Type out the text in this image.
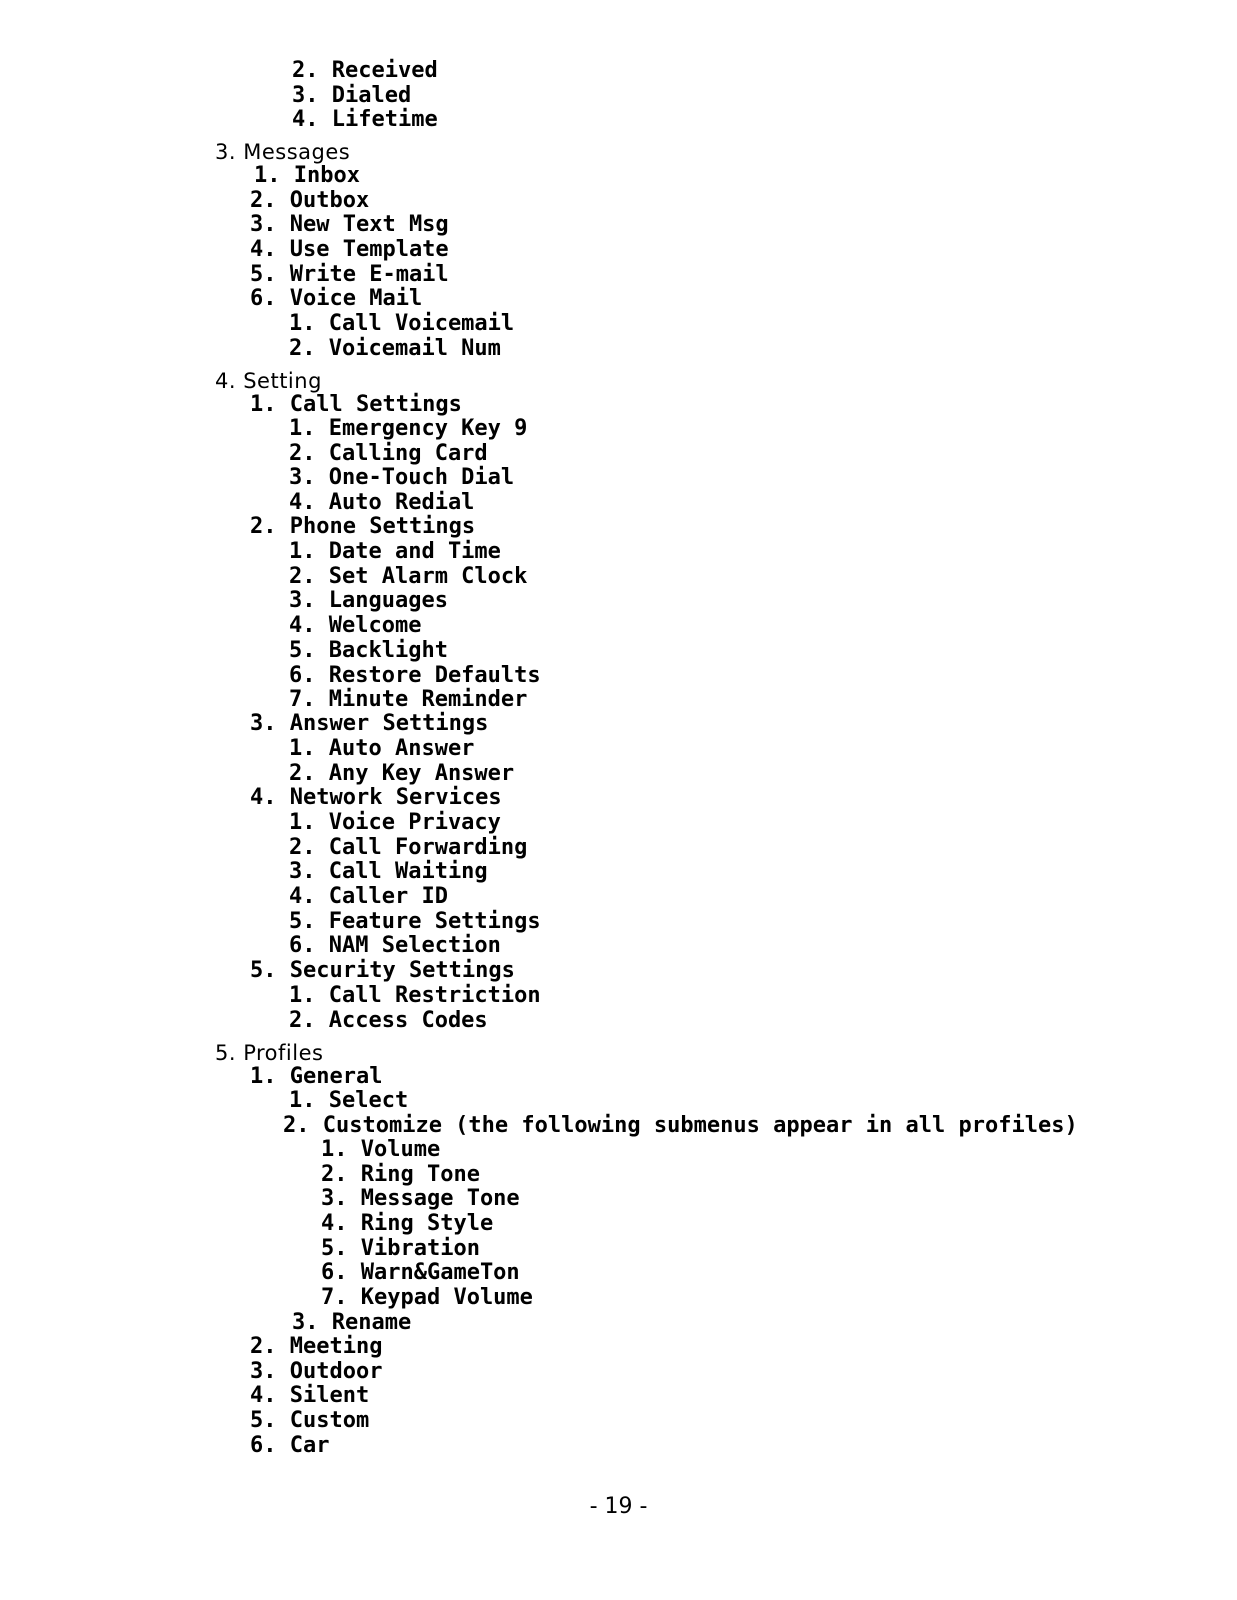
2. Received
3. Dialed
4. Lifetime
3. Messages
1. Inbox
2. Outbox
3. New Text Msg
4. Use Template
5. Write E-mail
6. Voice Mail
1. Call Voicemail
2. Voicemail Num
4. Setting
1. Call Settings
1. Emergency Key 9
2. Calling Card
3. One-Touch Dial
4. Auto Redial
2. Phone Settings
1. Date and Time
2. Set Alarm Clock
3. Languages
4. Welcome
5. Backlight
6. Restore Defaults
7. Minute Reminder
3. Answer Settings
1. Auto Answer
2. Any Key Answer
4. Network Services
1. Voice Privacy
2. Call Forwarding
3. Call Waiting
4. Caller ID
5. Feature Settings
6. NAM Selection
5. Security Settings
1. Call Restriction
2. Access Codes
5. Profiles
1. General
1. Select
2. Customize (the following submenus appear in all profiles)
1. Volume
2. Ring Tone
3. Message Tone
4. Ring Style
5. Vibration
6. Warn&GameTon
7. Keypad Volume
3. Rename
2. Meeting
3. Outdoor
4. Silent
5. Custom
6. Car
- 19 -
